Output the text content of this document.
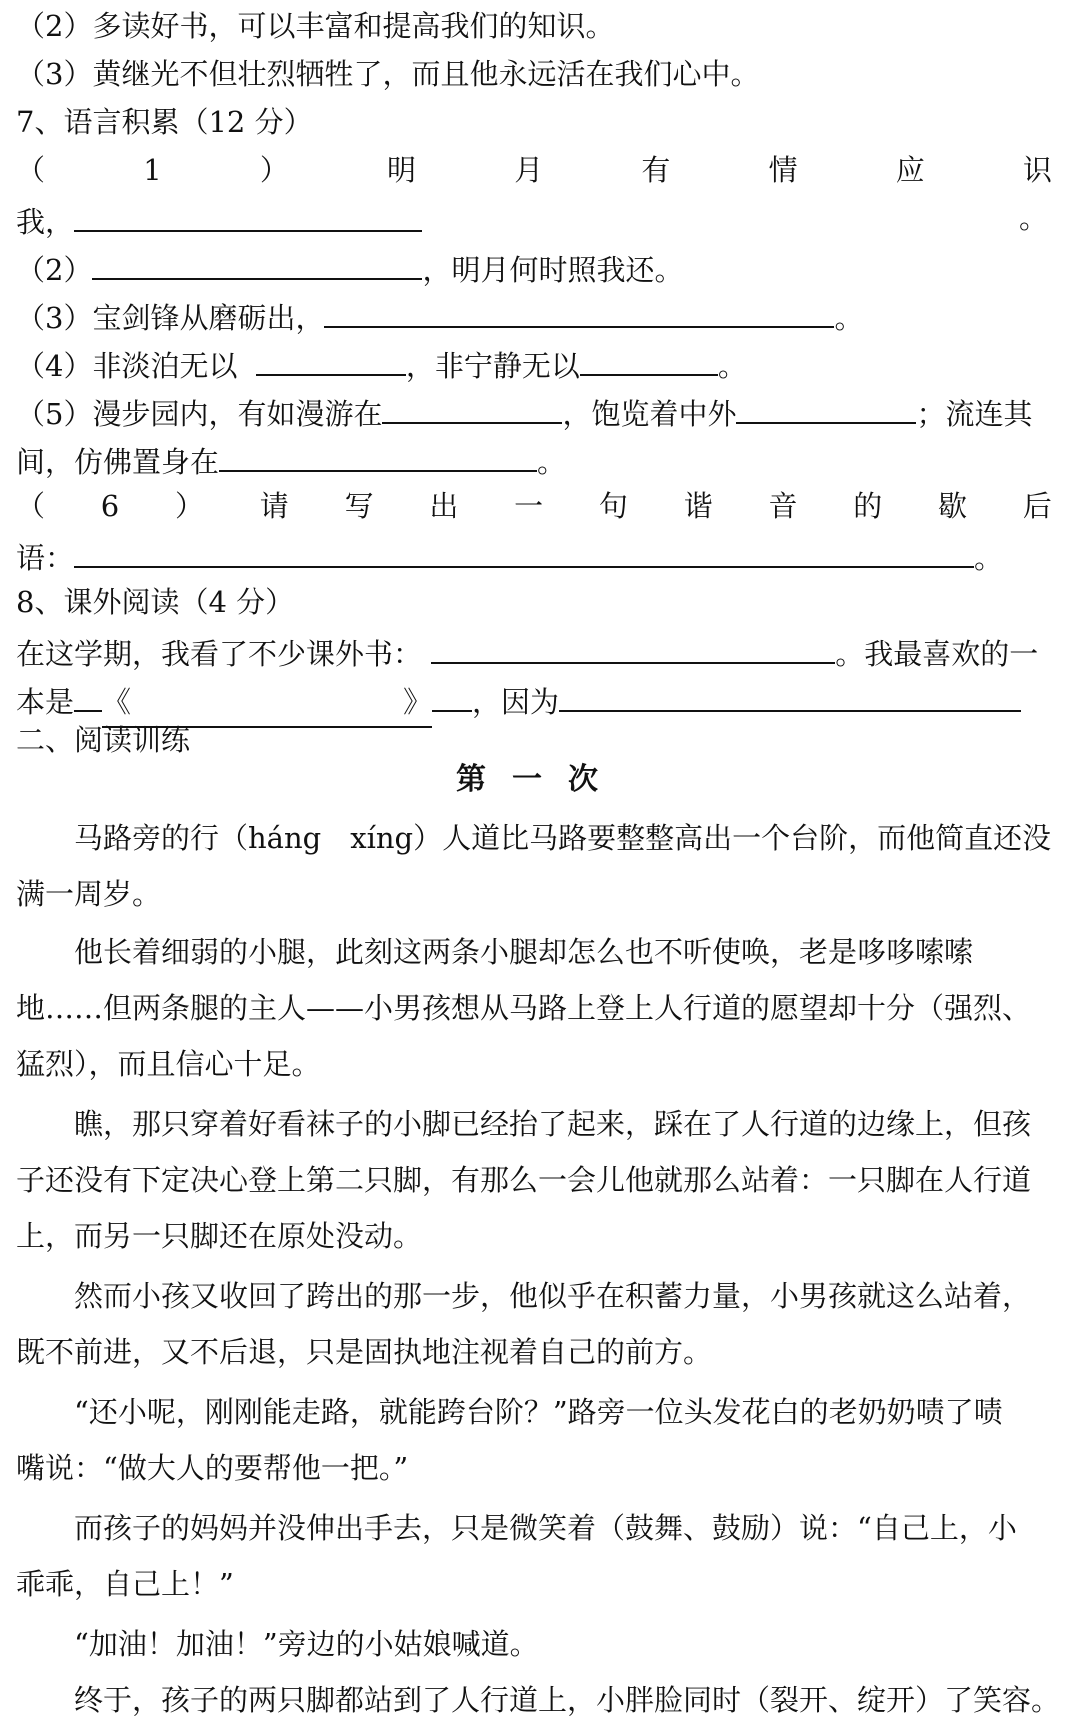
（2）多读好书，可以丰富和提高我们的知识。
（3）黄继光不但壮烈牺牲了，而且他永远活在我们心中。
7、语言积累（12 分）
（	1	）	明	月	有	情	应	识
我，	。
（2）	，明月何时照我还。
（3）宝剑锋从磨砺出，	。
（4）非淡泊无以	，非宁静无以	。
（5）漫步园内，有如漫游在	，饱览着中外	；流连其
间，仿佛置身在	。
（ 6 ） 请 写 出 一 句 谐 音 的 歇 后
语：	。
8、课外阅读（4 分）
在这学期，我看了不少课外书：	。我最喜欢的一
本是 《	》 ，因为
二、阅读训练
第一次
马路旁的行（háng　xíng）人道比马路要整整高出一个台阶，而他简直还没
满一周岁。
他长着细弱的小腿，此刻这两条小腿却怎么也不听使唤，老是哆哆嗦嗦
地……但两条腿的主人——小男孩想从马路上登上人行道的愿望却十分（强烈、
猛烈），而且信心十足。
瞧，那只穿着好看袜子的小脚已经抬了起来，踩在了人行道的边缘上，但孩
子还没有下定决心登上第二只脚，有那么一会儿他就那么站着：一只脚在人行道
上，而另一只脚还在原处没动。
然而小孩又收回了跨出的那一步，他似乎在积蓄力量，小男孩就这么站着，
既不前进，又不后退，只是固执地注视着自己的前方。
“还小呢，刚刚能走路，就能跨台阶？”路旁一位头发花白的老奶奶啧了啧
嘴说：“做大人的要帮他一把。”
而孩子的妈妈并没伸出手去，只是微笑着（鼓舞、鼓励）说：“自己上，小
乖乖，自己上！”
“加油！加油！”旁边的小姑娘喊道。
终于，孩子的两只脚都站到了人行道上，小胖脸同时（裂开、绽开）了笑容。
